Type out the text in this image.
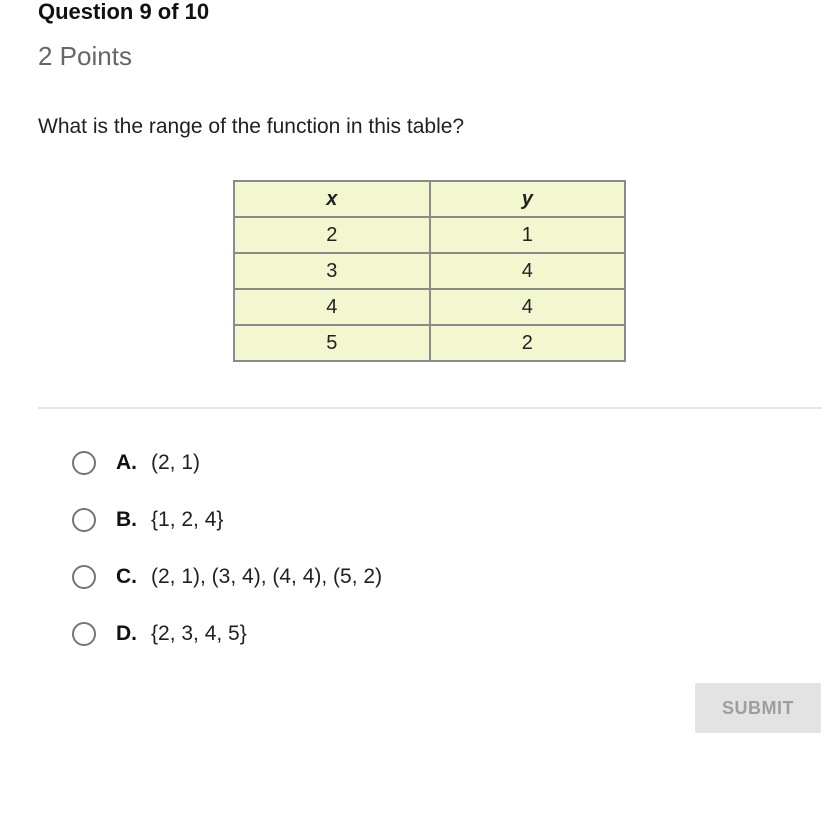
Question 9 of 10
2 Points
What is the range of the function in this table?
x	y
2	1
3	4
4	4
5	2
A. (2, 1)
B. {1, 2, 4}
C. (2, 1), (3, 4), (4, 4), (5, 2)
D. {2, 3, 4, 5}
SUBMIT
